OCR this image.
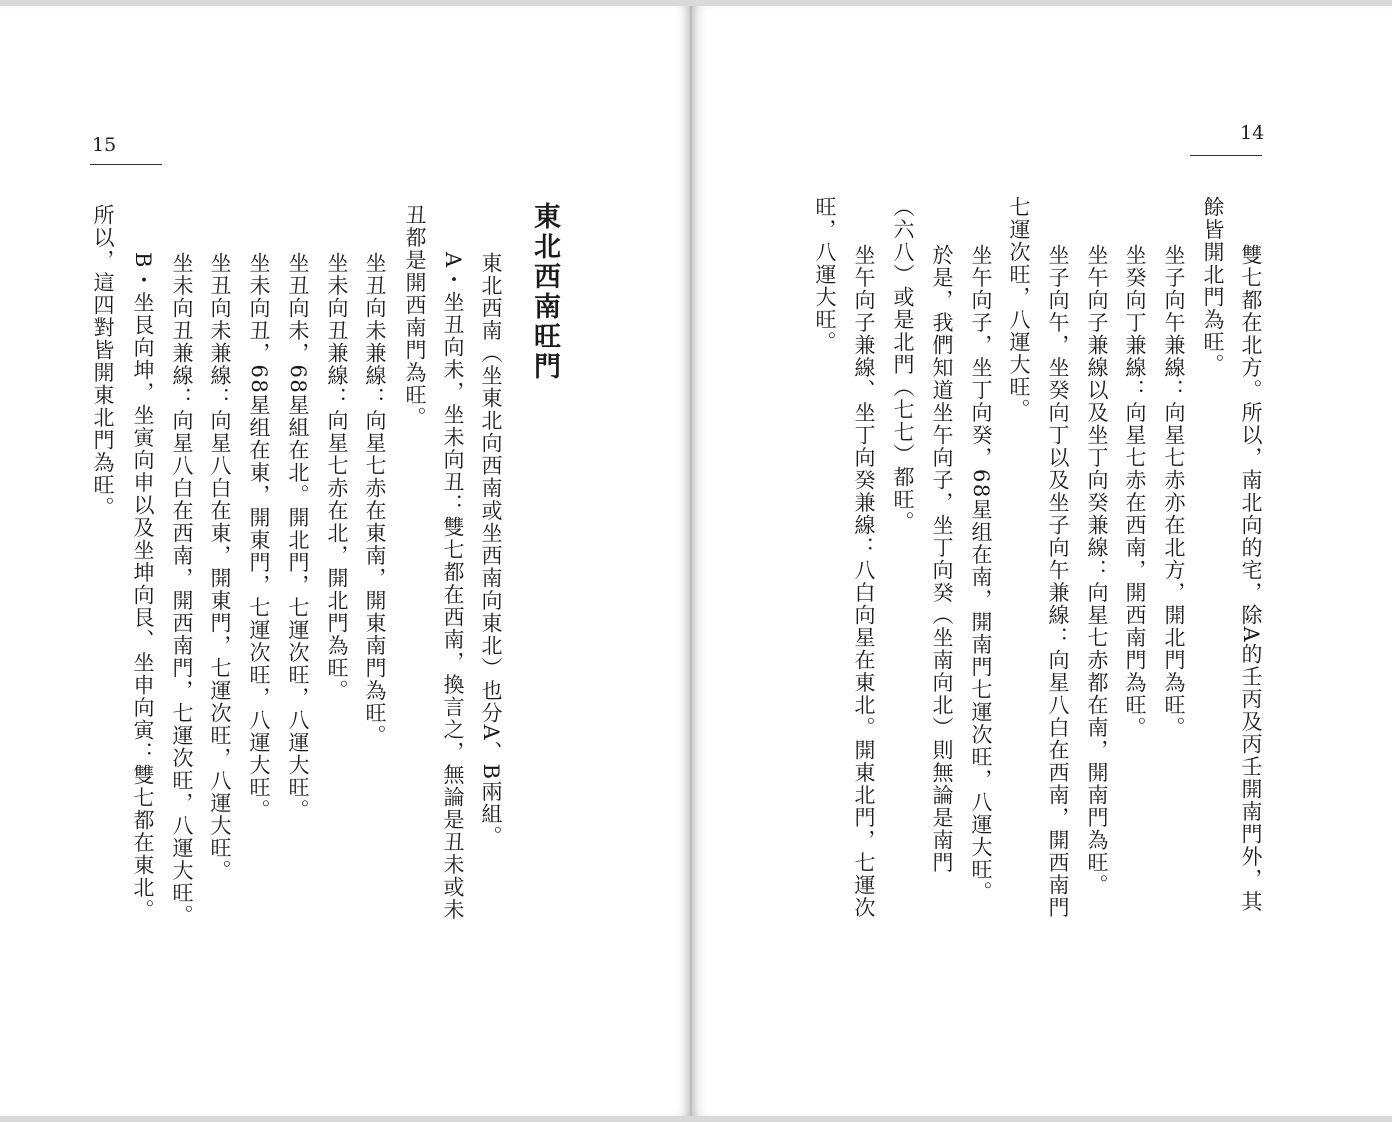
15
東北西南旺門
東北西南（坐東北向西南或坐西南向東北）也分A、B兩組。
A・坐丑向未，坐未向丑：雙七都在西南，換言之，無論是丑未或未
丑都是開西南門為旺。
坐丑向未兼線：向星七赤在東南，開東南門為旺。
坐未向丑兼線：向星七赤在北，開北門為旺。
坐丑向未，68星組在北。開北門，七運次旺，八運大旺。
坐未向丑，68星组在東，開東門，七運次旺，八運大旺。
坐丑向未兼線：向星八白在東，開東門，七運次旺，八運大旺。
坐未向丑兼線：向星八白在西南，開西南門，七運次旺，八運大旺。
B・坐艮向坤，坐寅向申以及坐坤向艮、坐申向寅：雙七都在東北。
所以，這四對皆開東北門為旺。
14
雙七都在北方。所以，南北向的宅，除A的壬丙及丙壬開南門外，其
餘皆開北門為旺。
坐子向午兼線：向星七赤亦在北方，開北門為旺。
坐癸向丁兼線：向星七赤在西南，開西南門為旺。
坐午向子兼線以及坐丁向癸兼線：向星七赤都在南，開南門為旺。
坐子向午，坐癸向丁以及坐子向午兼線：向星八白在西南，開西南門
七運次旺，八運大旺。
坐午向子，坐丁向癸，68星组在南，開南門七運次旺，八運大旺。
於是，我們知道坐午向子，坐丁向癸（坐南向北）則無論是南門
（六八）或是北門（七七）都旺。
坐午向子兼線、坐丁向癸兼線：八白向星在東北。開東北門，七運次
旺，八運大旺。
